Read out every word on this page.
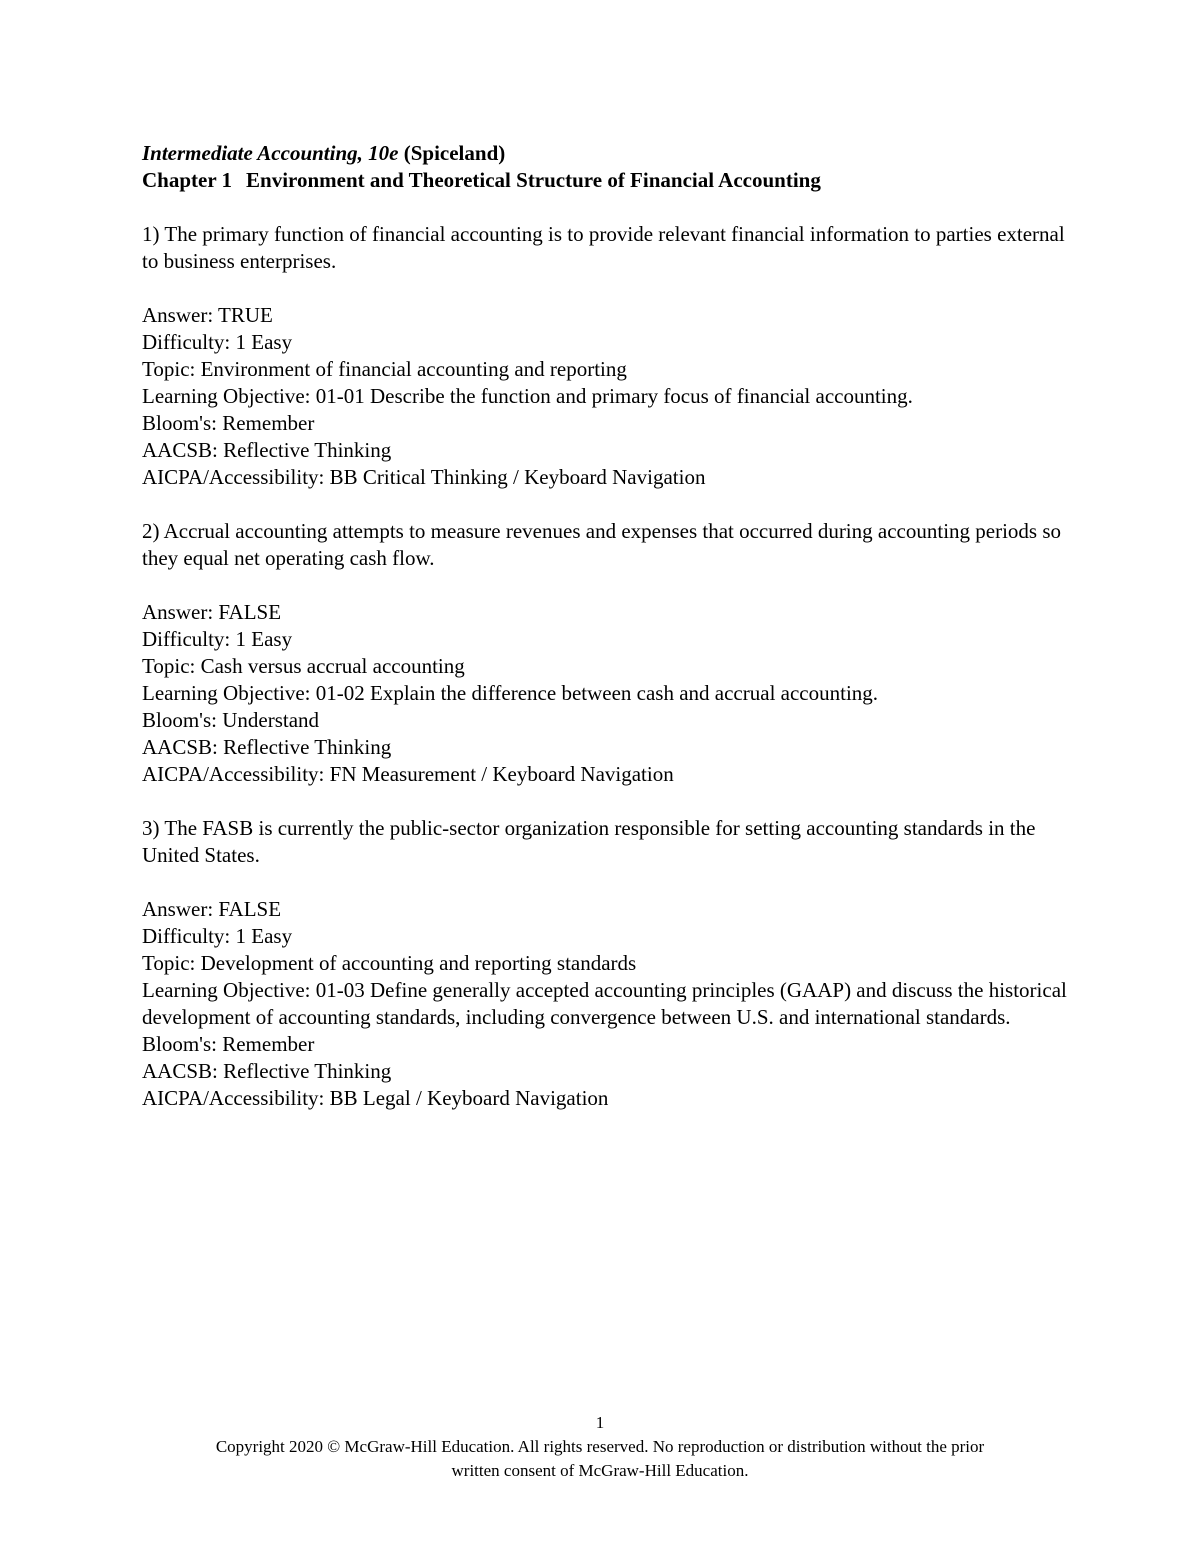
Intermediate Accounting, 10e (Spiceland)

Chapter 1 Environment and Theoretical Structure of Financial Accounting

1) The primary function of financial accounting is to provide relevant financial information to parties external to business enterprises.

Answer: TRUE

Difficulty: 1 Easy

Topic: Environment of financial accounting and reporting

Learning Objective: 01-01 Describe the function and primary focus of financial accounting.

Bloom's: Remember

AACSB: Reflective Thinking

AICPA/Accessibility: BB Critical Thinking / Keyboard Navigation

2) Accrual accounting attempts to measure revenues and expenses that occurred during accounting periods so they equal net operating cash flow.

Answer: FALSE

Difficulty: 1 Easy

Topic: Cash versus accrual accounting

Learning Objective: 01-02 Explain the difference between cash and accrual accounting.

Bloom's: Understand

AACSB: Reflective Thinking

AICPA/Accessibility: FN Measurement / Keyboard Navigation

3) The FASB is currently the public-sector organization responsible for setting accounting standards in the United States.

Answer: FALSE

Difficulty: 1 Easy

Topic: Development of accounting and reporting standards

Learning Objective: 01-03 Define generally accepted accounting principles (GAAP) and discuss the historical development of accounting standards, including convergence between U.S. and international standards.

Bloom's: Remember

AACSB: Reflective Thinking

AICPA/Accessibility: BB Legal / Keyboard Navigation

1

Copyright 2020 © McGraw-Hill Education. All rights reserved. No reproduction or distribution without the prior

written consent of McGraw-Hill Education.
